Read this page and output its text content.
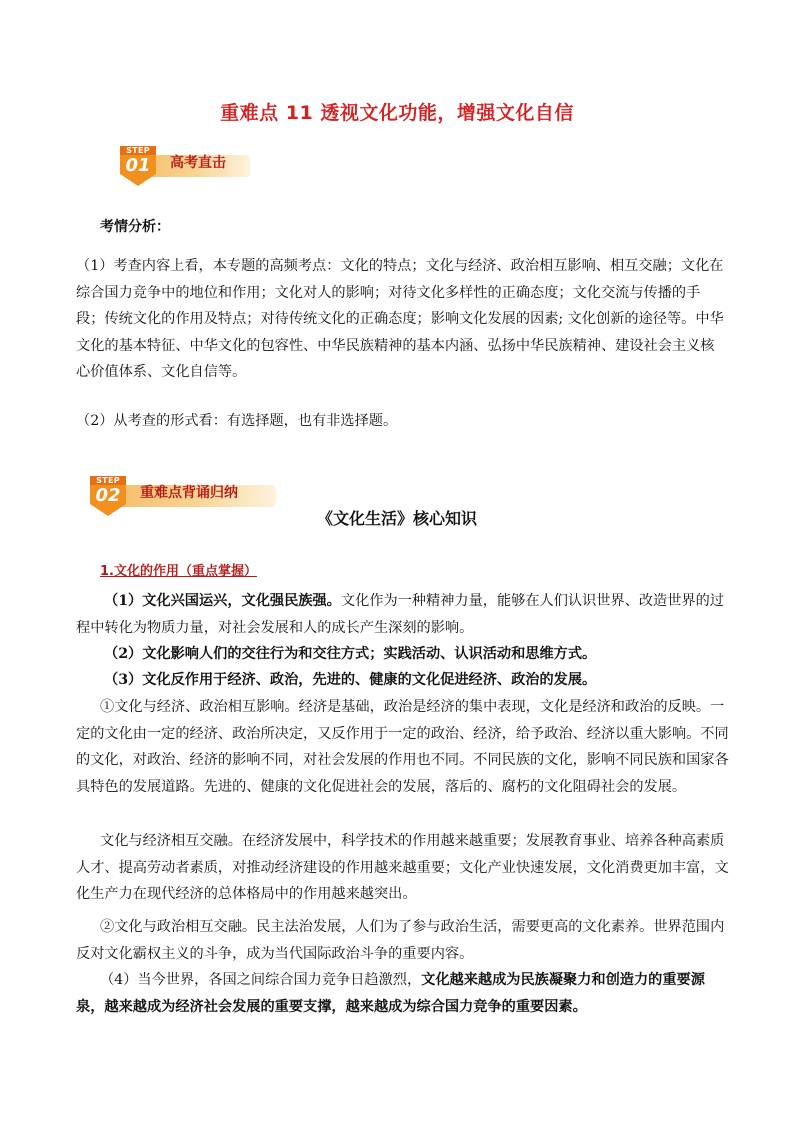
重难点 11 透视文化功能，增强文化自信
高考直击
STEP
01
考情分析：

（1）考查内容上看，本专题的高频考点：文化的特点；文化与经济、政治相互影响、相互交融；文化在综合国力竞争中的地位和作用；文化对人的影响；对待文化多样性的正确态度；文化交流与传播的手段；传统文化的作用及特点；对待传统文化的正确态度；影响文化发展的因素; 文化创新的途径等。中华文化的基本特征、中华文化的包容性、中华民族精神的基本内涵、弘扬中华民族精神、建设社会主义核心价值体系、文化自信等。

（2）从考查的形式看：有选择题，也有非选择题。

重难点背诵归纳
STEP
02
《文化生活》核心知识
1.文化的作用（重点掌握）

（1）文化兴国运兴，文化强民族强。文化作为一种精神力量，能够在人们认识世界、改造世界的过程中转化为物质力量，对社会发展和人的成长产生深刻的影响。

（2）文化影响人们的交往行为和交往方式；实践活动、认识活动和思维方式。

（3）文化反作用于经济、政治，先进的、健康的文化促进经济、政治的发展。

①文化与经济、政治相互影响。经济是基础，政治是经济的集中表现，文化是经济和政治的反映。一定的文化由一定的经济、政治所决定，又反作用于一定的政治、经济，给予政治、经济以重大影响。不同的文化，对政治、经济的影响不同，对社会发展的作用也不同。不同民族的文化，影响不同民族和国家各具特色的发展道路。先进的、健康的文化促进社会的发展，落后的、腐朽的文化阻碍社会的发展。

文化与经济相互交融。在经济发展中，科学技术的作用越来越重要；发展教育事业、培养各种高素质人才、提高劳动者素质，对推动经济建设的作用越来越重要；文化产业快速发展，文化消费更加丰富，文化生产力在现代经济的总体格局中的作用越来越突出。

②文化与政治相互交融。民主法治发展，人们为了参与政治生活，需要更高的文化素养。世界范围内反对文化霸权主义的斗争，成为当代国际政治斗争的重要内容。

（4）当今世界，各国之间综合国力竞争日趋激烈，文化越来越成为民族凝聚力和创造力的重要源泉，越来越成为经济社会发展的重要支撑，越来越成为综合国力竞争的重要因素。
